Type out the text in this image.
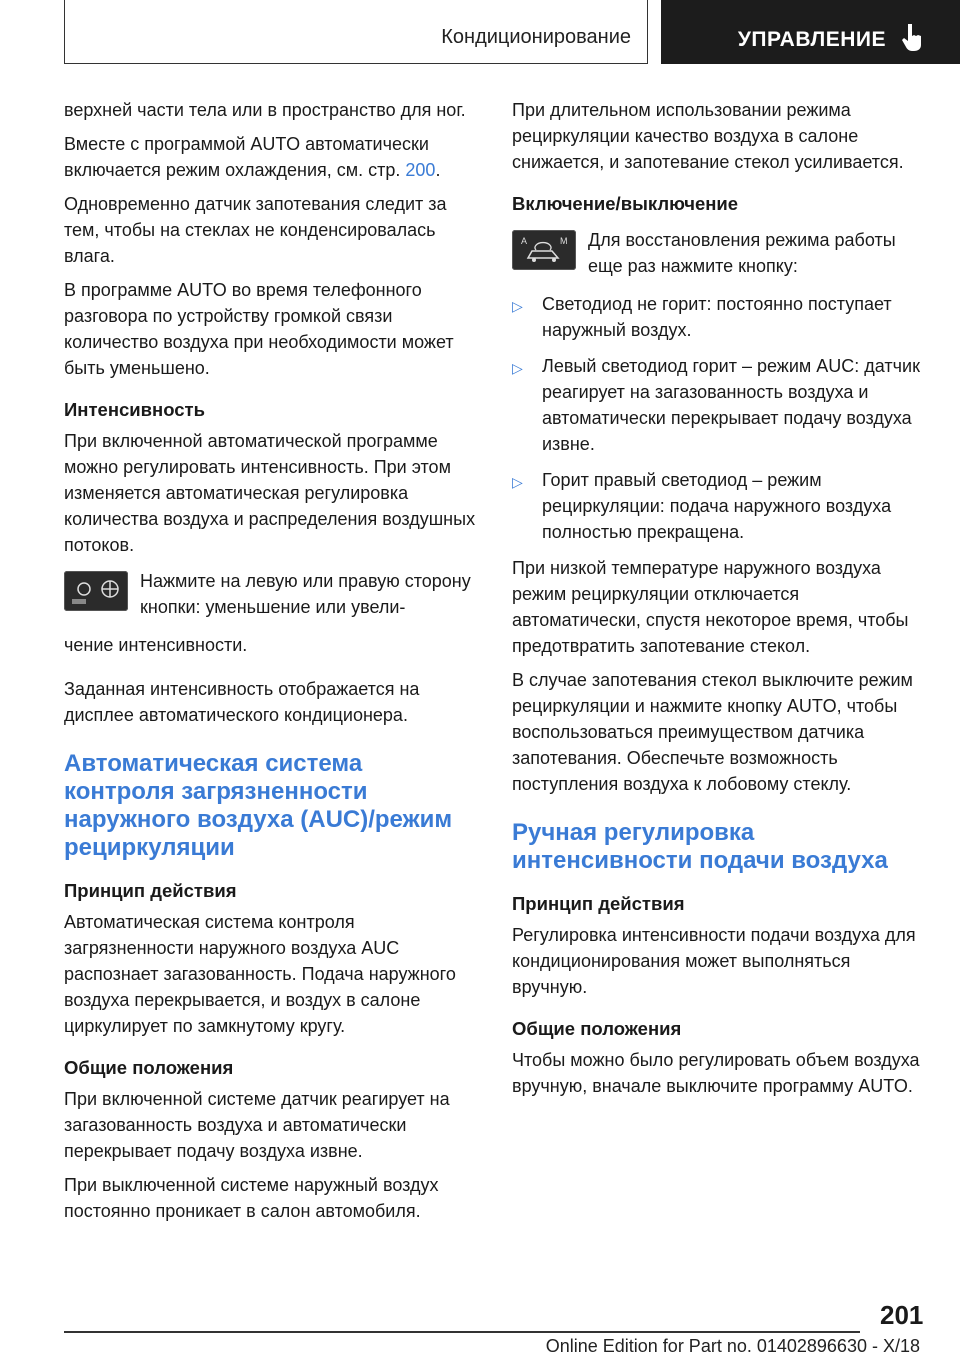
Кондиционирование	УПРАВЛЕНИЕ

верхней части тела или в пространство для ног.

Вместе с программой AUTO автоматически включается режим охлаждения, см. стр. 200.

Одновременно датчик запотевания следит за тем, чтобы на стеклах не конденсировалась влага.

В программе AUTO во время телефонного разговора по устройству громкой связи количество воздуха при необходимости может быть уменьшено.

Интенсивность

При включенной автоматической программе можно регулировать интенсивность. При этом изменяется автоматическая регулировка количества воздуха и распределения воздушных потоков.

Нажмите на левую или правую сторону кнопки: уменьшение или увели-

чение интенсивности.

Заданная интенсивность отображается на дисплее автоматического кондиционера.

Автоматическая система контроля загрязненности наружного воздуха (AUC)/режим рециркуляции
Принцип действия

Автоматическая система контроля загрязненности наружного воздуха AUC распознает загазованность. Подача наружного воздуха перекрывается, и воздух в салоне циркулирует по замкнутому кругу.

Общие положения

При включенной системе датчик реагирует на загазованность воздуха и автоматически перекрывает подачу воздуха извне.

При выключенной системе наружный воздух постоянно проникает в салон автомобиля.

При длительном использовании режима рециркуляции качество воздуха в салоне снижается, и запотевание стекол усиливается.

Включение/выключение
A	M Для восстановления режима работы еще раз нажмите кнопку:
▷ Светодиод не горит: постоянно поступает наружный воздух.
▷ Левый светодиод горит – режим AUC: датчик реагирует на загазованность воздуха и автоматически перекрывает подачу воздуха извне.
▷ Горит правый светодиод – режим рециркуляции: подача наружного воздуха полностью прекращена.

При низкой температуре наружного воздуха режим рециркуляции отключается автоматически, спустя некоторое время, чтобы предотвратить запотевание стекол.

В случае запотевания стекол выключите режим рециркуляции и нажмите кнопку AUTO, чтобы воспользоваться преимуществом датчика запотевания. Обеспечьте возможность поступления воздуха к лобовому стеклу.

Ручная регулировка интенсивности подачи воздуха
Принцип действия

Регулировка интенсивности подачи воздуха для кондиционирования может выполняться вручную.

Общие положения

Чтобы можно было регулировать объем воздуха вручную, вначале выключите программу AUTO.

201
Online Edition for Part no. 01402896630 - X/18
